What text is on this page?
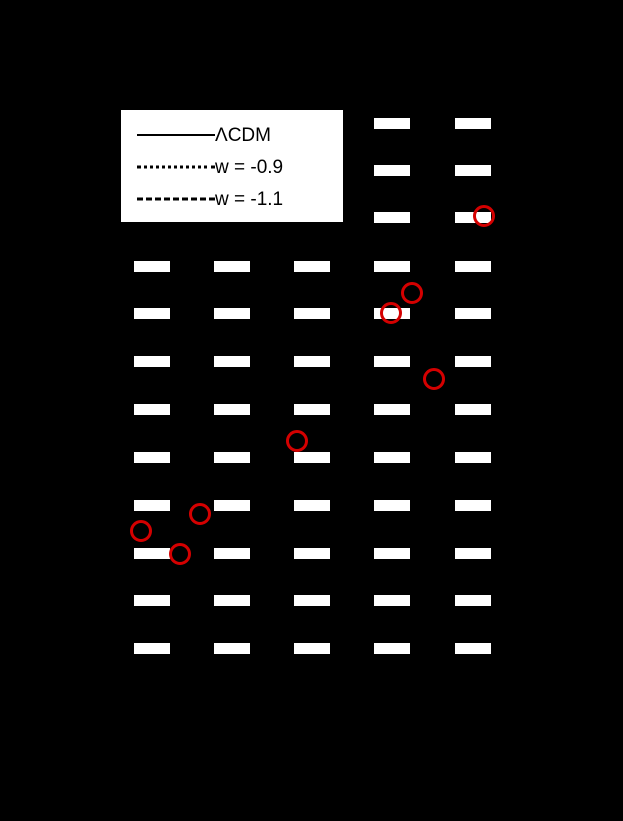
ΛCDM
w = -0.9
w = -1.1
